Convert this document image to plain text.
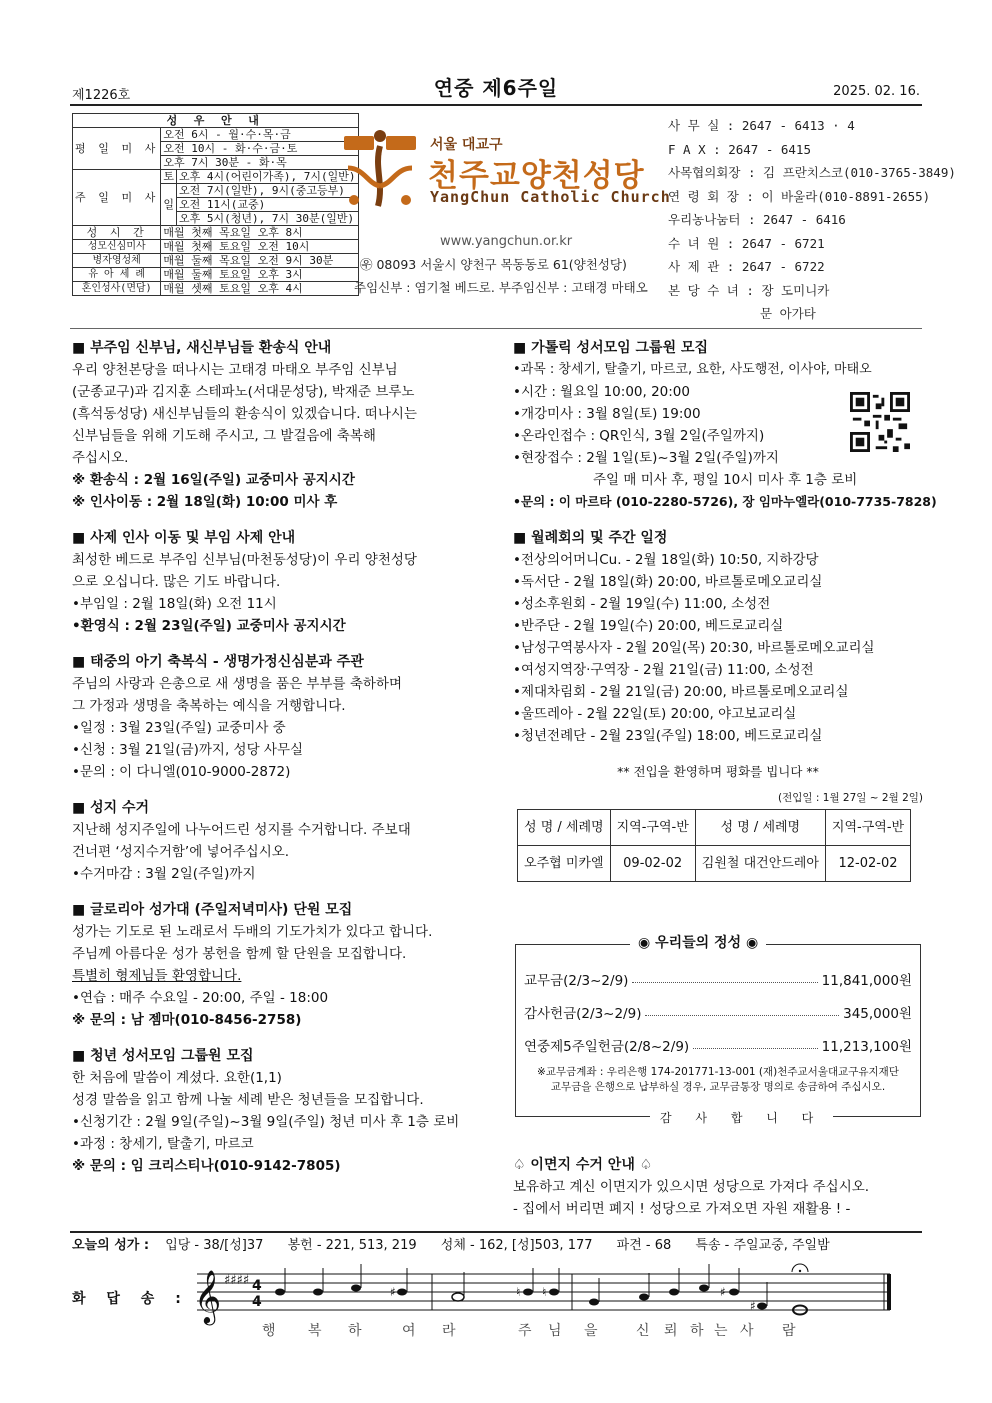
제1226호	연중 제6주일	2025. 02. 16.
성 우 안 내		
평 일 미 사	오전 6시 - 월·수·목·금	
	오전 10시 - 화·수·금·토	
	오후 7시 30분 - 화·목	
주 일 미 사	토	오후 4시(어린이가족), 7시(일반)
	일	오전 7시(일반), 9시(중고등부)
		오전 11시(교중)
		오후 5시(청년), 7시 30분(일반)
성 시 간	매월 첫째 목요일 오후 8시	
성모신심미사	매월 첫째 토요일 오전 10시	
병자영성체	매월 둘째 목요일 오전 9시 30분	
유 아 세 례	매월 둘째 토요일 오후 3시	
혼인성사(면담)	매월 셋째 토요일 오후 4시	
서울 대교구
천주교양천성당
YangChun Catholic Church
www.yangchun.or.kr
㉾ 08093 서울시 양천구 목동동로 61(양천성당)
주임신부 : 염기철 베드로. 부주임신부 : 고태경 마태오
사 무 실 : 2647 - 6413 · 4
F A X : 2647 - 6415
사목협의회장 : 김 프란치스코(010-3765-3849)
연 령 회 장 : 이 바울라(010-8891-2655)
우리농나눔터 : 2647 - 6416
수 녀 원 : 2647 - 6721
사 제 관 : 2647 - 6722
본 당 수 녀 : 장 도미니카
문 아가타

■ 부주임 신부님, 새신부님들 환송식 안내

우리 양천본당을 떠나시는 고태경 마태오 부주임 신부님

(군종교구)과 김지훈 스테파노(서대문성당), 박재준 브루노

(흑석동성당) 새신부님들의 환송식이 있겠습니다. 떠나시는

신부님들을 위해 기도해 주시고, 그 발걸음에 축복해

주십시오.

※ 환송식 : 2월 16일(주일) 교중미사 공지시간

※ 인사이동 : 2월 18일(화) 10:00 미사 후

■ 사제 인사 이동 및 부임 사제 안내

최성한 베드로 부주임 신부님(마천동성당)이 우리 양천성당

으로 오십니다. 많은 기도 바랍니다.

•부임일 : 2월 18일(화) 오전 11시

•환영식 : 2월 23일(주일) 교중미사 공지시간

■ 태중의 아기 축복식 - 생명가정신심분과 주관

주님의 사랑과 은총으로 새 생명을 품은 부부를 축하하며

그 가정과 생명을 축복하는 예식을 거행합니다.

•일정 : 3월 23일(주일) 교중미사 중

•신청 : 3월 21일(금)까지, 성당 사무실

•문의 : 이 다니엘(010-9000-2872)

■ 성지 수거

지난해 성지주일에 나누어드린 성지를 수거합니다. 주보대

건너편 ‘성지수거함’에 넣어주십시오.

•수거마감 : 3월 2일(주일)까지

■ 글로리아 성가대 (주일저녁미사) 단원 모집

성가는 기도로 된 노래로서 두배의 기도가치가 있다고 합니다.

주님께 아름다운 성가 봉헌을 함께 할 단원을 모집합니다.

특별히 형제님들 환영합니다.

•연습 : 매주 수요일 - 20:00, 주일 - 18:00

※ 문의 : 남 젬마(010-8456-2758)

■ 청년 성서모임 그룹원 모집

한 처음에 말씀이 계셨다. 요한(1,1)

성경 말씀을 읽고 함께 나눌 세례 받은 청년들을 모집합니다.

•신청기간 : 2월 9일(주일)~3월 9일(주일) 청년 미사 후 1층 로비

•과정 : 창세기, 탈출기, 마르코

※ 문의 : 임 크리스티나(010-9142-7805)

■ 가톨릭 성서모임 그룹원 모집

•과목 : 창세기, 탈출기, 마르코, 요한, 사도행전, 이사야, 마태오

•시간 : 월요일 10:00, 20:00

•개강미사 : 3월 8일(토) 19:00

•온라인접수 : QR인식, 3월 2일(주일까지)

•현장접수 : 2월 1일(토)~3월 2일(주일)까지

주일 매 미사 후, 평일 10시 미사 후 1층 로비

•문의 : 이 마르타 (010-2280-5726), 장 임마누엘라(010-7735-7828)

■ 월례회의 및 주간 일정

•전상의어머니Cu. - 2월 18일(화) 10:50, 지하강당

•독서단 - 2월 18일(화) 20:00, 바르톨로메오교리실

•성소후원회 - 2월 19일(수) 11:00, 소성전

•반주단 - 2월 19일(수) 20:00, 베드로교리실

•남성구역봉사자 - 2월 20일(목) 20:30, 바르톨로메오교리실

•여성지역장·구역장 - 2월 21일(금) 11:00, 소성전

•제대차림회 - 2월 21일(금) 20:00, 바르톨로메오교리실

•울뜨레아 - 2월 22일(토) 20:00, 야고보교리실

•청년전례단 - 2월 23일(주일) 18:00, 베드로교리실

** 전입을 환영하며 평화를 빕니다 **

(전입일 : 1월 27일 ~ 2월 2일)

성 명 / 세례명	지역-구역-반	성 명 / 세례명	지역-구역-반
오주협 미카엘	09-02-02	김원철 대건안드레아	12-02-02
교무금(2/3~2/9)	11,841,000원
감사헌금(2/3~2/9)	345,000원
연중제5주일헌금(2/8~2/9)	11,213,100원
※교무금계좌 : 우리은행 174-201771-13-001 (재)천주교서울대교구유지재단
교무금을 은행으로 납부하실 경우, 교무금통장 명의로 송금하여 주십시오.
◉ 우리들의 정성 ◉
감 사 합 니 다

♤ 이면지 수거 안내 ♤

보유하고 계신 이면지가 있으시면 성당으로 가져다 주십시오.

- 집에서 버리면 폐지 ! 성당으로 가져오면 자원 재활용 ! -

오늘의 성가 : 입당 - 38/[성]37 봉헌 - 221, 513, 219 성체 - 162, [성]503, 177 파견 - 68 특송 - 주일교중, 주일밤
화 답 송 : 𝄞 ♯♯♯♯ 4
4
♯	♮ ♮	♯
♯
행 복 하	여 라	주 님 을	신 뢰 하 는 사 람
